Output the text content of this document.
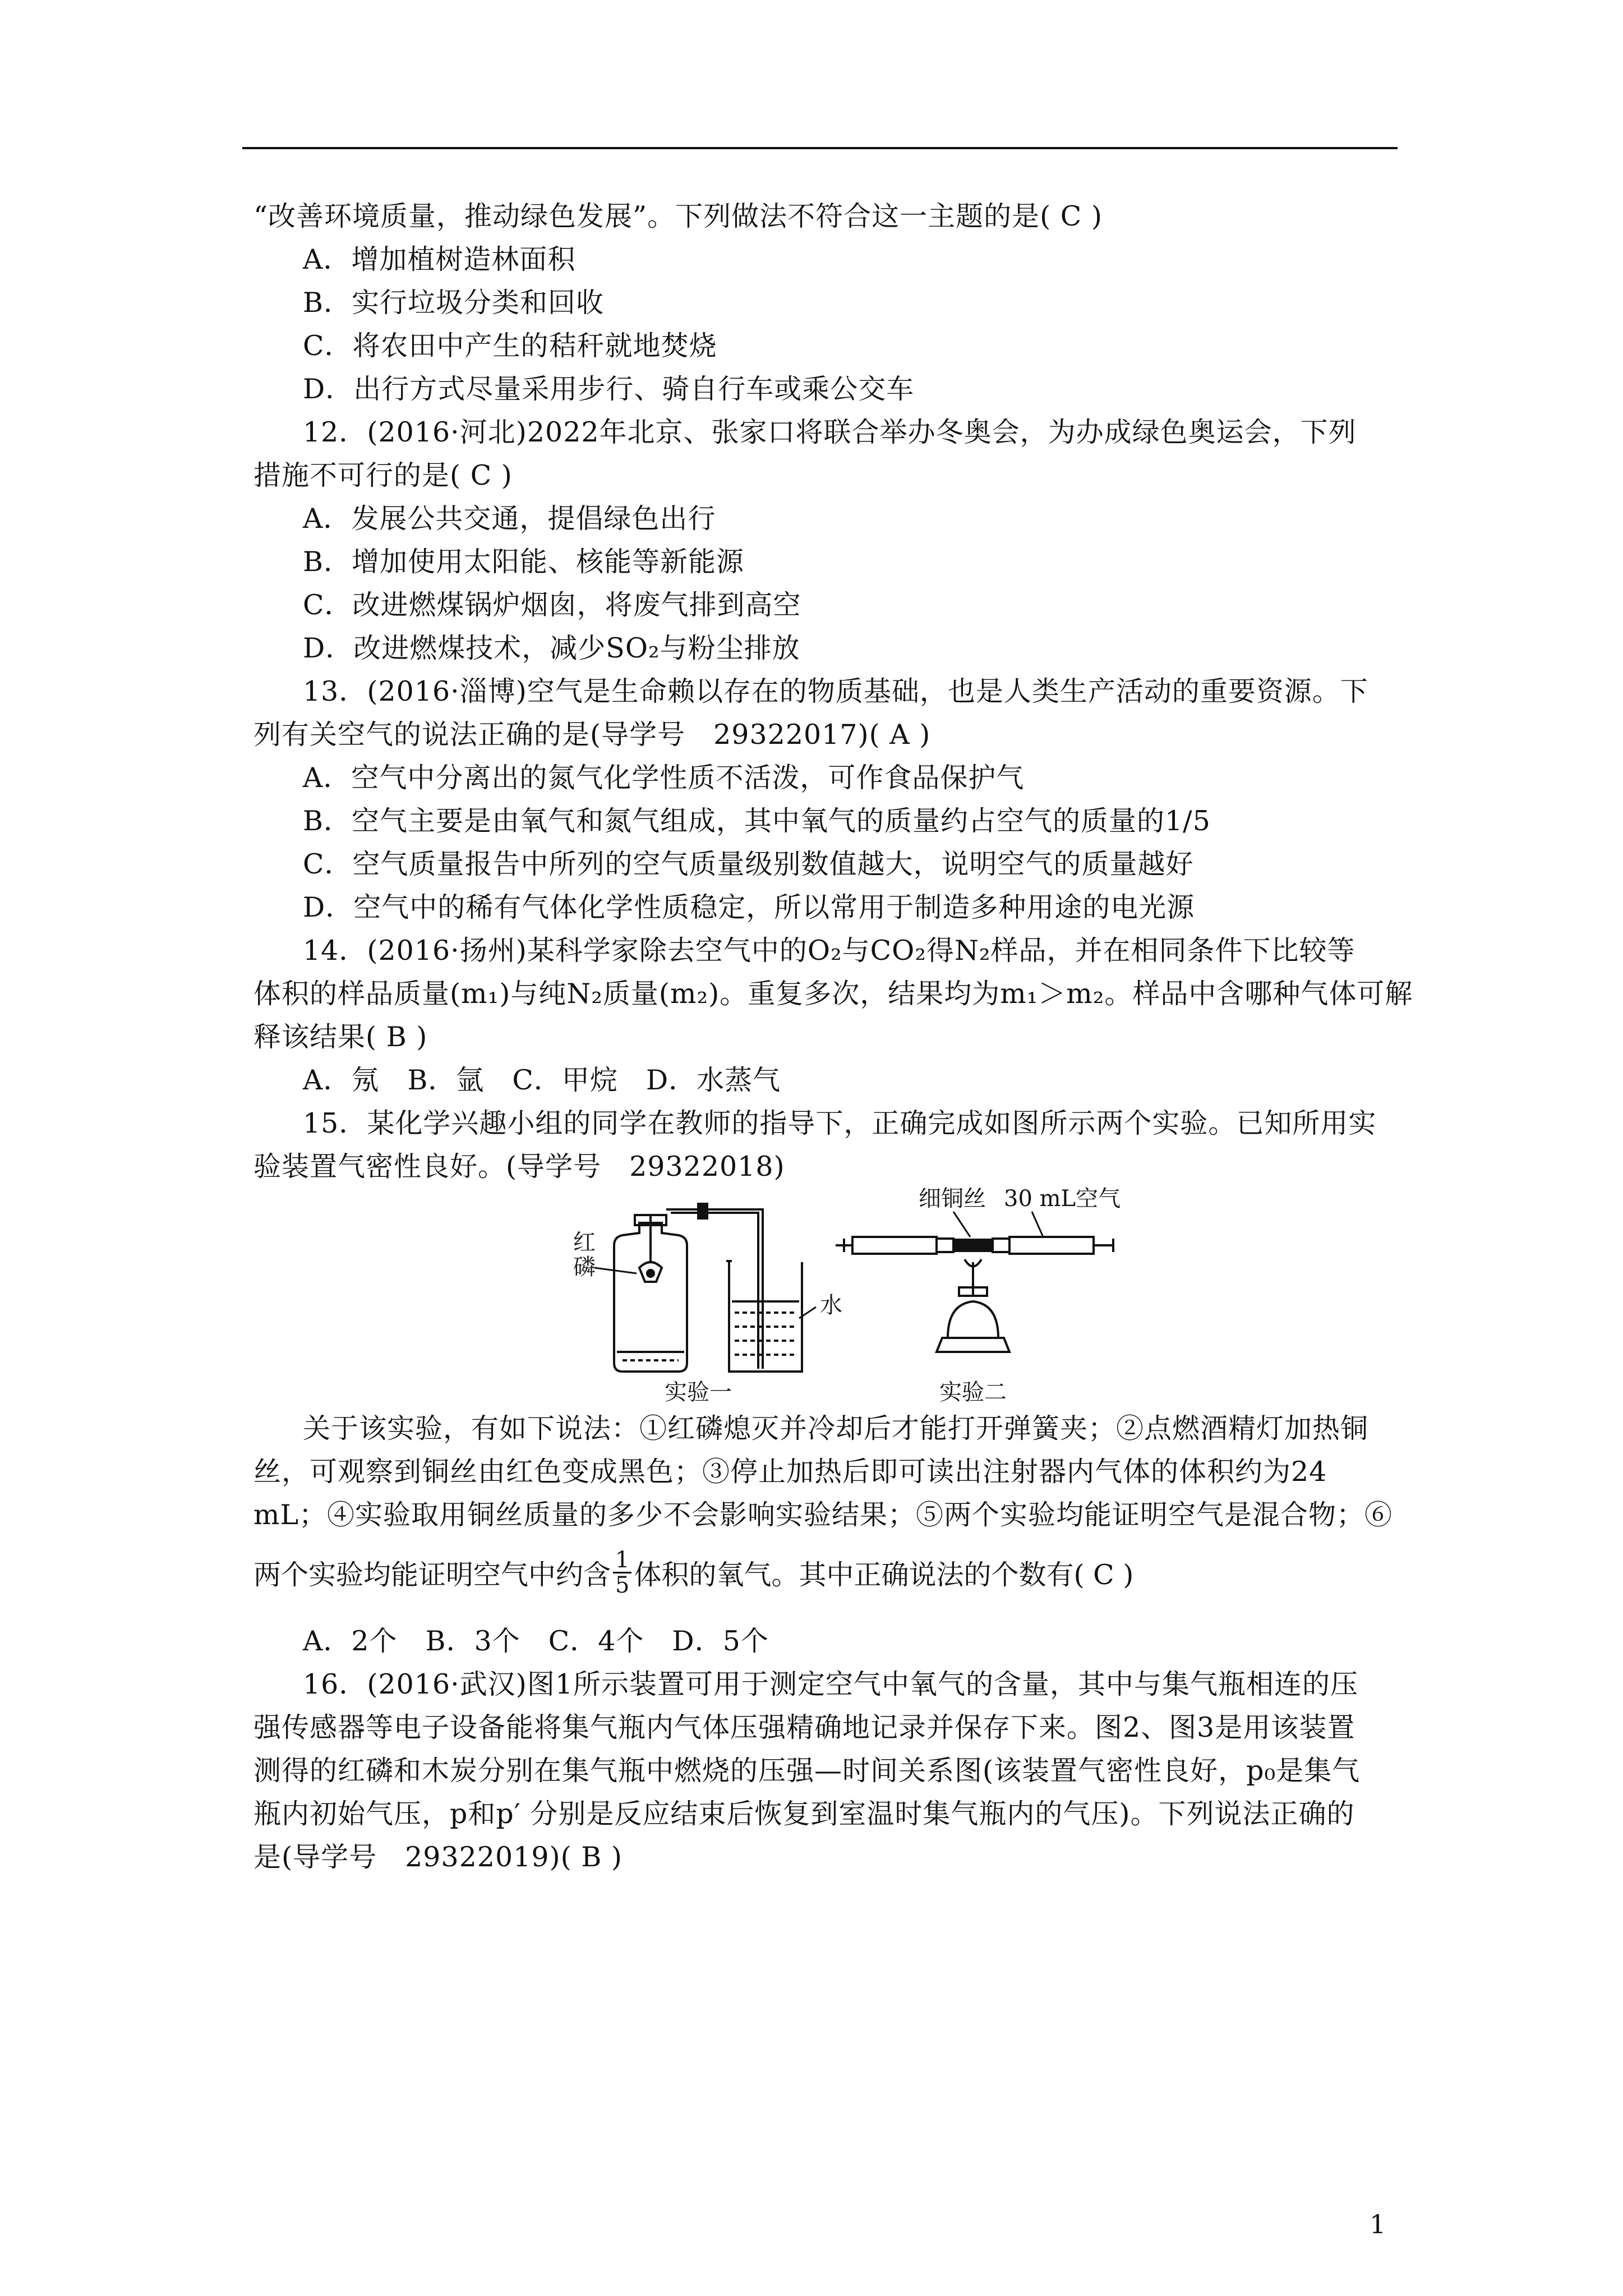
“改善环境质量，推动绿色发展”。下列做法不符合这一主题的是( C )
A．增加植树造林面积
B．实行垃圾分类和回收
C．将农田中产生的秸秆就地焚烧
D．出行方式尽量采用步行、骑自行车或乘公交车
12．(2016·河北)2022年北京、张家口将联合举办冬奥会，为办成绿色奥运会，下列
措施不可行的是( C )
A．发展公共交通，提倡绿色出行
B．增加使用太阳能、核能等新能源
C．改进燃煤锅炉烟囱，将废气排到高空
D．改进燃煤技术，减少SO₂与粉尘排放
13．(2016·淄博)空气是生命赖以存在的物质基础，也是人类生产活动的重要资源。下
列有关空气的说法正确的是(导学号　29322017)( A )
A．空气中分离出的氮气化学性质不活泼，可作食品保护气
B．空气主要是由氧气和氮气组成，其中氧气的质量约占空气的质量的1/5
C．空气质量报告中所列的空气质量级别数值越大，说明空气的质量越好
D．空气中的稀有气体化学性质稳定，所以常用于制造多种用途的电光源
14．(2016·扬州)某科学家除去空气中的O₂与CO₂得N₂样品，并在相同条件下比较等
体积的样品质量(m₁)与纯N₂质量(m₂)。重复多次，结果均为m₁＞m₂。样品中含哪种气体可解
释该结果( B )
A．氖　B．氩　C．甲烷　D．水蒸气
15．某化学兴趣小组的同学在教师的指导下，正确完成如图所示两个实验。已知所用实
验装置气密性良好。(导学号　29322018)
红
磷
水
实验一
细铜丝 30 mL空气
实验二
关于该实验，有如下说法：①红磷熄灭并冷却后才能打开弹簧夹；②点燃酒精灯加热铜
丝，可观察到铜丝由红色变成黑色；③停止加热后即可读出注射器内气体的体积约为24
mL；④实验取用铜丝质量的多少不会影响实验结果；⑤两个实验均能证明空气是混合物；⑥
两个实验均能证明空气中约含 $\frac{1}{5}$ 体积的氧气。其中正确说法的个数有( C )
A．2个　B．3个　C．4个　D．5个
16．(2016·武汉)图1所示装置可用于测定空气中氧气的含量，其中与集气瓶相连的压
强传感器等电子设备能将集气瓶内气体压强精确地记录并保存下来。图2、图3是用该装置
测得的红磷和木炭分别在集气瓶中燃烧的压强—时间关系图(该装置气密性良好，p₀是集气
瓶内初始气压，p和p′ 分别是反应结束后恢复到室温时集气瓶内的气压)。下列说法正确的
是(导学号　29322019)( B )
1
